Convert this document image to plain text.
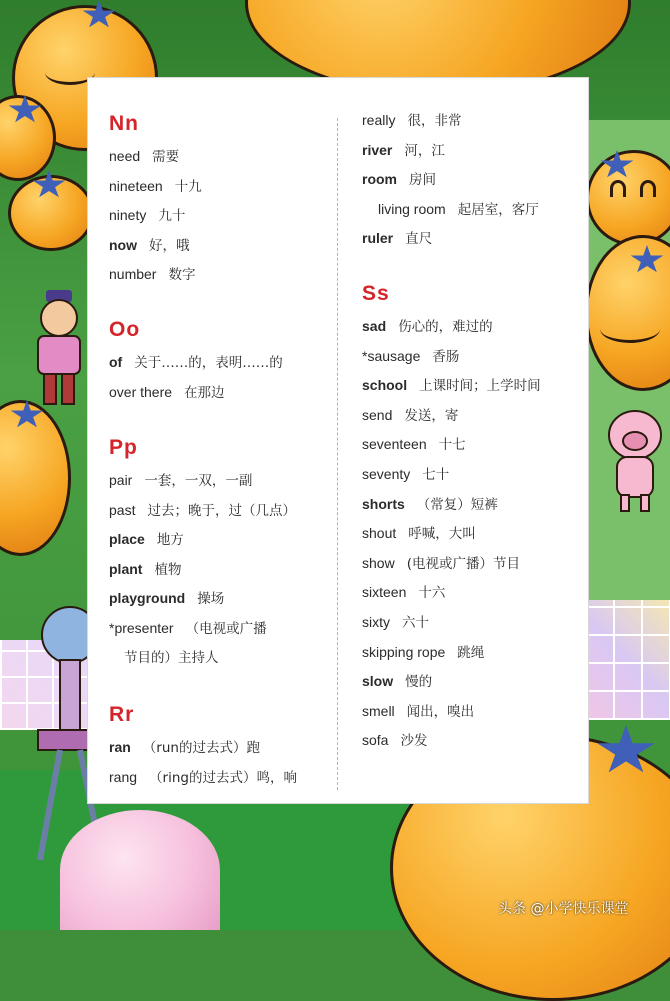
Nn
need 需要
nineteen 十九
ninety 九十
now 好，哦
number 数字
Oo
of 关于……的，表明……的
over there 在那边
Pp
pair 一套，一双，一副
past 过去；晚于，过（几点）
place 地方
plant 植物
playground 操场
*presenter （电视或广播
节目的）主持人
Rr
ran （run的过去式）跑
rang （ring的过去式）鸣，响
really 很，非常
river 河，江
room 房间
living room 起居室，客厅
ruler 直尺
Ss
sad 伤心的，难过的
*sausage 香肠
school 上课时间；上学时间
send 发送，寄
seventeen 十七
seventy 七十
shorts （常复）短裤
shout 呼喊，大叫
show (电视或广播）节目
sixteen 十六
sixty 六十
skipping rope 跳绳
slow 慢的
smell 闻出，嗅出
sofa 沙发
头条 @小学快乐课堂
